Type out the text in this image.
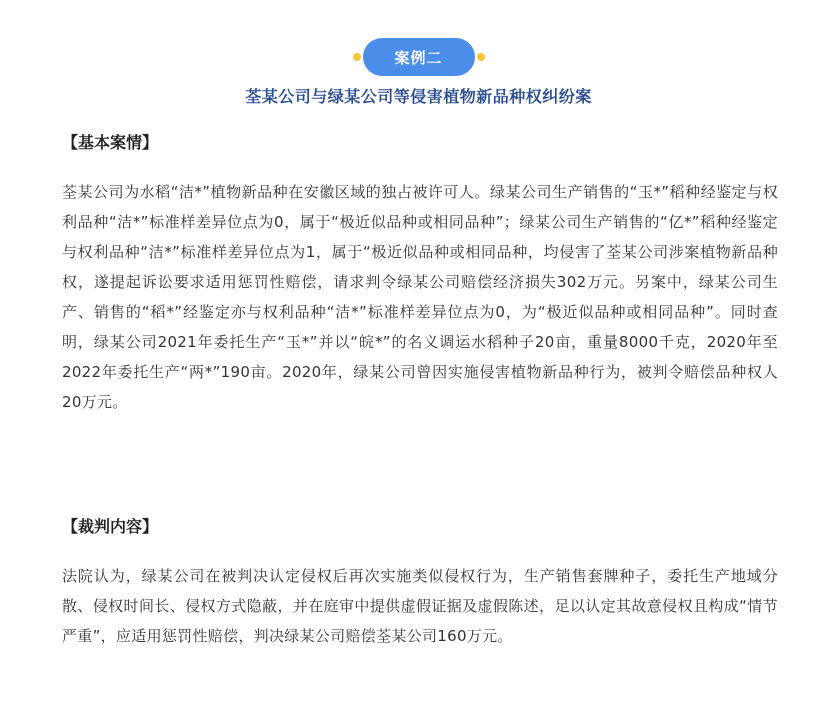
案例二
荃某公司与绿某公司等侵害植物新品种权纠纷案
【基本案情】
荃某公司为水稻“洁*”植物新品种在安徽区域的独占被许可人。绿某公司生产销售的“玉*”稻种经鉴定与权利品种“洁*”标准样差异位点为0，属于“极近似品种或相同品种”；绿某公司生产销售的“亿*”稻种经鉴定与权利品种“洁*”标准样差异位点为1，属于“极近似品种或相同品种，均侵害了荃某公司涉案植物新品种权，遂提起诉讼要求适用惩罚性赔偿，请求判令绿某公司赔偿经济损失302万元。另案中，绿某公司生产、销售的“稻*”经鉴定亦与权利品种“洁*”标准样差异位点为0，为“极近似品种或相同品种”。同时查明，绿某公司2021年委托生产“玉*”并以“皖*”的名义调运水稻种子20亩，重量8000千克，2020年至2022年委托生产“两*”190亩。2020年，绿某公司曾因实施侵害植物新品种行为，被判令赔偿品种权人20万元。
【裁判内容】
法院认为，绿某公司在被判决认定侵权后再次实施类似侵权行为，生产销售套牌种子，委托生产地域分散、侵权时间长、侵权方式隐蔽，并在庭审中提供虚假证据及虚假陈述，足以认定其故意侵权且构成“情节严重”，应适用惩罚性赔偿，判决绿某公司赔偿荃某公司160万元。
